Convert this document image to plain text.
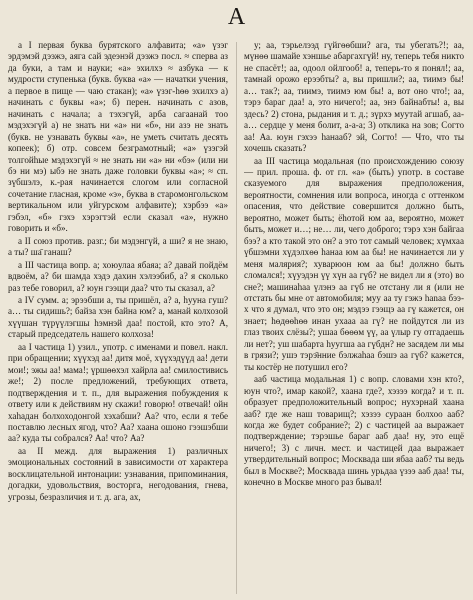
А

а I первая буква бурятского алфавита; «а» үзэг эрдэмэй дээжэ, аяга сай эдеэнэй дээжэ посл. ≈ сперва аз да буки, а там и науки; «а» эхилхэ ≈ азбука — к мудрости ступенька (букв. буква «а» — начатки учения, а первое в пище — чаю стакан); «а» үзэг-һөө эхилхэ а) начинать с буквы «а»; б) перен. начинать с азов, начинать с начала; а тэхэгүй, арба сагаанай тоо мэдэхэгүй а) не знать ни «а» ни «б», ни азэ не знать (букв. не узнавать буквы «а», не уметь считать десять копеек); б) отр. совсем безграмотный; «а» үзэгэй толгойһые мэдэхэгүй ≈ не знать ни «а» ни «бэ» (или ни бэ ни мэ) ыбэ не знать даже головки буквы «а»; ≈ сп. зүбшэлэ, к.-рая начинается слогом или согласной сочетание гласная, кроме «э», буква в старомонгольском вертикальном или уйгурском алфавите); хэрбээ «а» гэбэл, «б» гэхэ хэрэгтэй если сказал «а», нужно говорить и «б».

а II союз против. разг.; би мэдэнгүй, а ши? я не знаю, а ты? ша̄ ганаш?

а III частица вопр. а; хоюулаа ябаяа; а? давай пойдём вдвоём, а? би шамда хэдэ дахин хэлээбиб, а? я сколько раз тебе говорил, а? юун гээщи даа? что ты сказал, а?

а IV сумм. а; эрээбши а, ты пришёл, а? а, һууна гуш? а… ты сидишь?; байза хэн байна юм? а, манай колхозой хүүшан түрүүлэгшы һэмнэй даа! постой, кто это? А, старый председатель нашего колхоза!

аа I частица 1) узил., употр. с именами и повел. накл. при обращении; хүүхэд аа! дитя моё, хүүхэдүүд аа! дети мои!; эжы аа! мама!; үршөөхэл хайрла аа! смилостивись же!; 2) после предложений, требующих ответа, подтверждения и т. п., для выражения побуждения к ответу или к действиям ну скажи! говорю! отвечай! ойн хаһадан болхоходонгой хэхабши? Аа? что, если я тебе поставлю лесных ягод, что? Аа? хаана ошоно гээшэбши аа? куда ты собрался? Аа! что? Аа?

аа II межд. для выражения 1) различных эмоциональных состояний в зависимости от характера восклицательной интонации: узнавания, припоминания, догадки, удовольствия, восторга, негодования, гнева, угрозы, безразличия и т. д. ага, ах,

у; аа, тэрьелээд гүйгөөбши? ага, ты убегать?!; аа, мүнөө шамайе хэншье абаргахгүй! ну, теперь тебя никто не спасёт!; аа, одоол ойлгооб! а, теперь-то я понял!; аа, тамнай орожо ерээбты? а, вы пришли?; аа, тиимэ бы! а… так?; аа, тиимэ, тиимэ юм бы! а, вот оно что!; аа, тэрэ бараг даа! а, это ничего!; аа, энэ байнабты! а, вы здесь? 2) стона, рыдания и т. д.; зүрхэ муутай агшаб, аа-а… сердце у меня болит, а-а-а; 3) отклика на зов; Согто аа! Аа. юун гэхээ һанааб? эй, Согто! — Что, что ты хочешь сказать?

аа III частица модальная (по происхождению союзу — прил. проша. ф. от гл. «а» (быть) употр. в составе сказуемого для выражения предположения, вероятности, сомнения или вопроса, иногда с оттенком опасения, что действие совершится должно быть, вероятно, может быть; ёһотой юм аа, вероятно, может быть, может и…; не… ли, чего доброго; тэрэ хэн байгаа бээ? а кто такой это он? а это тот самый человек; хүмхаа үбшэмни хүдэлхөө һанаа юм аа бы! не начинается ли у меня малярия?; хуварюон юм аа бы! должно быть сломался!; хүуэдэн үү хүн аа гүб? не видел ли я (это) во сне?; машинаһаа үлэнэ аа гүб не отстану ли я (или не отстать бы мне от автомобиля; муу аа ту гэжэ hanaa бээ-х что я думал, что это он; мэдээ гээщэ аа гү кажется, он знает; һөдөөһөө инан ухааа аа гү? не пойдутся ли из глаз твоих слёзы?; ушаа бөөөм үү, аа үлыр гу отгадаешь ли нет?; уш шабарта һуугша аа гүбдн? не засядем ли мы в грязи?; ушэ тэрэ̄нние бэлжаһаа бэшэ аа гүб? кажется, ты костёр не потушил его?

ааб частица модальная 1) с вопр. словами хэн кто?, юун что?, имар какой?, хаана где?, хэзээ когда? и т. п. образует предположительный вопрос; нухэрнай хаана ааб? где же наш товарищ?; хэзээ сураан болхоо ааб? когда же будет собрание?; 2) с частицей аа выражает подтверждение; тэрэшье бараг ааб даа! ну, это ещё ничего!; 3) с личн. мест. и частицей даа выражает утвердительный вопрос; Москвада ши ябаа ааб? ты ведь был в Москве?; Москвада шинь урьдаа үзээ ааб даа! ты, конечно в Москве много раз бывал!
